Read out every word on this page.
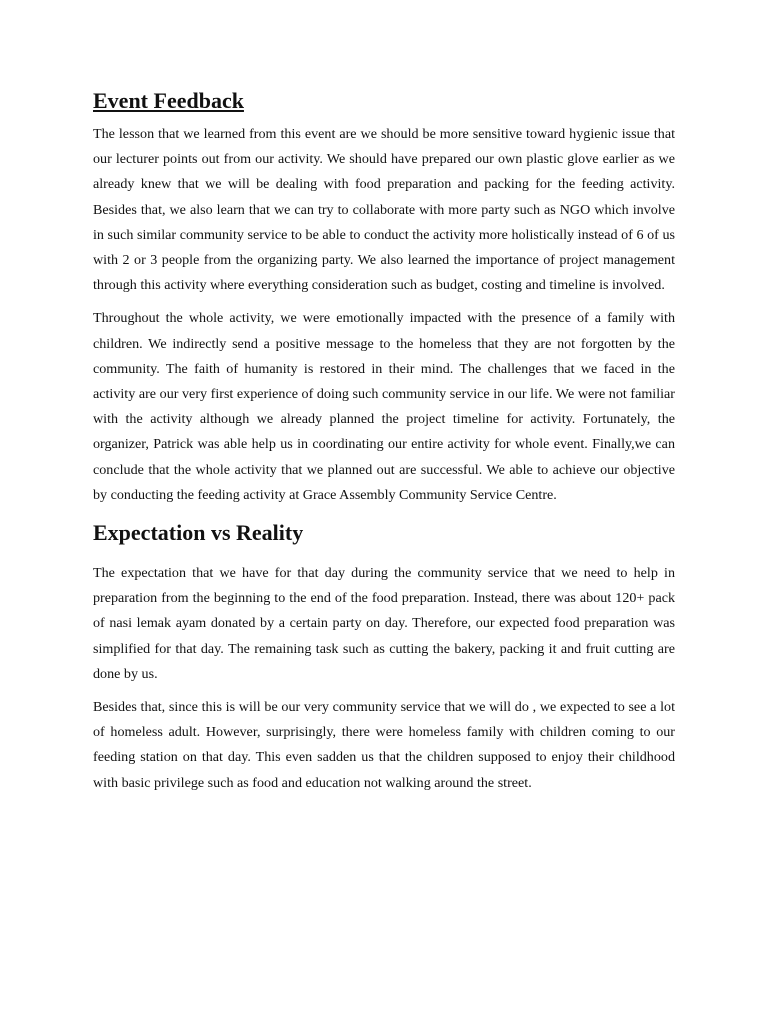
Event Feedback

The lesson that we learned from this event are we should be more sensitive toward hygienic issue that our lecturer points out from our activity. We should have prepared our own plastic glove earlier as we already knew that we will be dealing with food preparation and packing for the feeding activity. Besides that, we also learn that we can try to collaborate with more party such as NGO which involve in such similar community service to be able to conduct the activity more holistically instead of 6 of us with 2 or 3 people from the organizing party. We also learned the importance of project management through this activity where everything consideration such as budget, costing and timeline is involved.

Throughout the whole activity, we were emotionally impacted with the presence of a family with children. We indirectly send a positive message to the homeless that they are not forgotten by the community. The faith of humanity is restored in their mind. The challenges that we faced in the activity are our very first experience of doing such community service in our life. We were not familiar with the activity although we already planned the project timeline for activity. Fortunately, the organizer, Patrick was able help us in coordinating our entire activity for whole event. Finally,we can conclude that the whole activity that we planned out are successful. We able to achieve our objective by conducting the feeding activity at Grace Assembly Community Service Centre.

Expectation vs Reality

The expectation that we have for that day during the community service that we need to help in preparation from the beginning to the end of the food preparation. Instead, there was about 120+ pack of nasi lemak ayam donated by a certain party on day. Therefore, our expected food preparation was simplified for that day. The remaining task such as cutting the bakery, packing it and fruit cutting are done by us.

Besides that, since this is will be our very community service that we will do , we expected to see a lot of homeless adult. However, surprisingly, there were homeless family with children coming to our feeding station on that day. This even sadden us that the children supposed to enjoy their childhood with basic privilege such as food and education not walking around the street.
